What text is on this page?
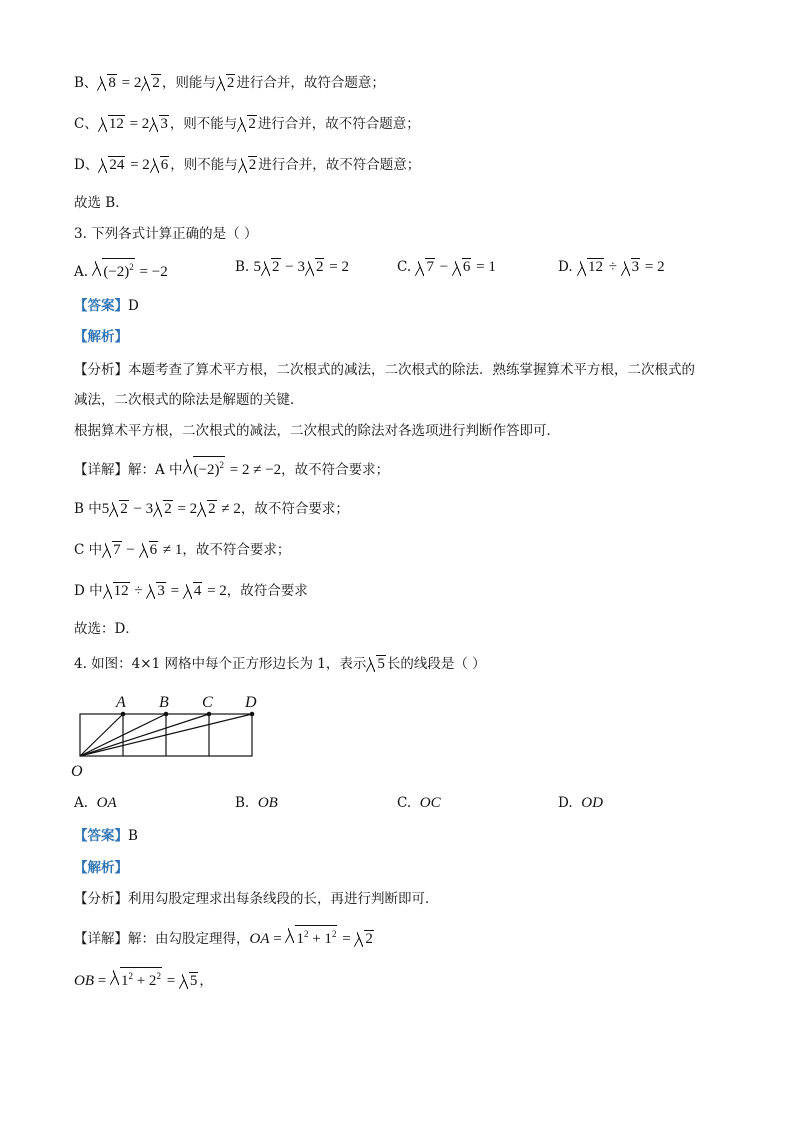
B、 8 = 2 2 ，则能与 2 进行合并，故符合题意；
C、 12 = 2 3 ，则不能与 2 进行合并，故不符合题意；
D、 24 = 2 6 ，则不能与 2 进行合并，故不符合题意；
故选 B．
3. 下列各式计算正确的是（ ）
A. $(-2)^2 = -2$	B. 5 2 − 3 2 = 2	C. 7 − 6 = 1	D. 12 ÷ 3 = 2
【答案】D
【解析】
【分析】本题考查了算术平方根，二次根式的减法，二次根式的除法．熟练掌握算术平方根，二次根式的
减法，二次根式的除法是解题的关键．
根据算术平方根，二次根式的减法，二次根式的除法对各选项进行判断作答即可．
【详解】解：A 中 $(-2)^2 = 2 \ne -2$，故不符合要求；
B 中5 2 − 3 2 = 2 2 ≠ 2，故不符合要求；
C 中 7 − 6 ≠ 1，故不符合要求；
D 中 12 ÷ 3 = 4 = 2，故符合要求
故选：D．
4. 如图：4×1 网格中每个正方形边长为 1，表示 5 长的线段是（ ）
A B C D
O
A. OA	B. OB	C. OC	D. OD
【答案】B
【解析】
【分析】利用勾股定理求出每条线段的长，再进行判断即可．
【详解】解：由勾股定理得，OA = $1^2 + 1^2 = 2$
OB = $1^2 + 2^2 = 5$ ，
